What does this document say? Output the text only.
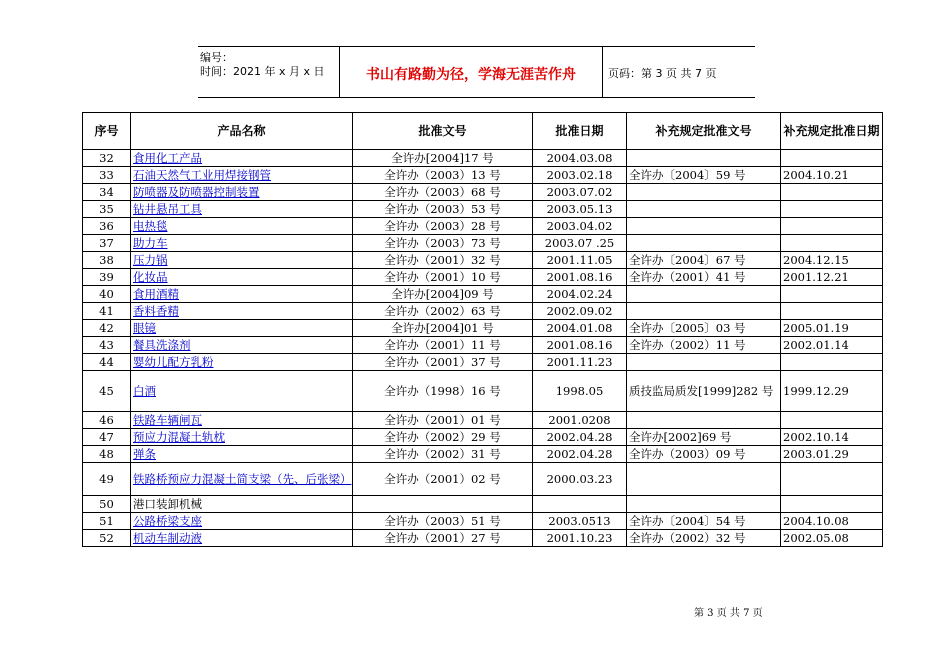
编号：
时间：2021 年 x 月 x 日	书山有路勤为径，学海无涯苦作舟	页码：第 3 页 共 7 页
序号	产品名称	批准文号	批准日期	补充规定批准文号	补充规定批准日期
32	食用化工产品	全许办[2004]17 号	2004.03.08		
33	石油天然气工业用焊接钢管	全许办（2003）13 号	2003.02.18	全许办〔2004〕59 号	2004.10.21
34	防喷器及防喷器控制装置	全许办（2003）68 号	2003.07.02		
35	钻井悬吊工具	全许办（2003）53 号	2003.05.13		
36	电热毯	全许办（2003）28 号	2003.04.02		
37	助力车	全许办（2003）73 号	2003.07 .25		
38	压力锅	全许办（2001）32 号	2001.11.05	全许办〔2004〕67 号	2004.12.15
39	化妆品	全许办（2001）10 号	2001.08.16	全许办（2001）41 号	2001.12.21
40	食用酒精	全许办[2004]09 号	2004.02.24		
41	香料香精	全许办（2002）63 号	2002.09.02		
42	眼镜	全许办[2004]01 号	2004.01.08	全许办〔2005〕03 号	2005.01.19
43	餐具洗涤剂	全许办（2001）11 号	2001.08.16	全许办（2002）11 号	2002.01.14
44	婴幼儿配方乳粉	全许办（2001）37 号	2001.11.23		
45	白酒	全许办（1998）16 号	1998.05	质技监局质发[1999]282 号	1999.12.29
46	铁路车辆闸瓦	全许办（2001）01 号	2001.0208		
47	预应力混凝土轨枕	全许办（2002）29 号	2002.04.28	全许办[2002]69 号	2002.10.14
48	弹条	全许办（2002）31 号	2002.04.28	全许办（2003）09 号	2003.01.29
49	铁路桥预应力混凝土简支梁（先、后张梁）	全许办（2001）02 号	2000.03.23		
50	港口装卸机械				
51	公路桥梁支座	全许办（2003）51 号	2003.0513	全许办〔2004〕54 号	2004.10.08
52	机动车制动液	全许办（2001）27 号	2001.10.23	全许办（2002）32 号	2002.05.08
第 3 页 共 7 页
